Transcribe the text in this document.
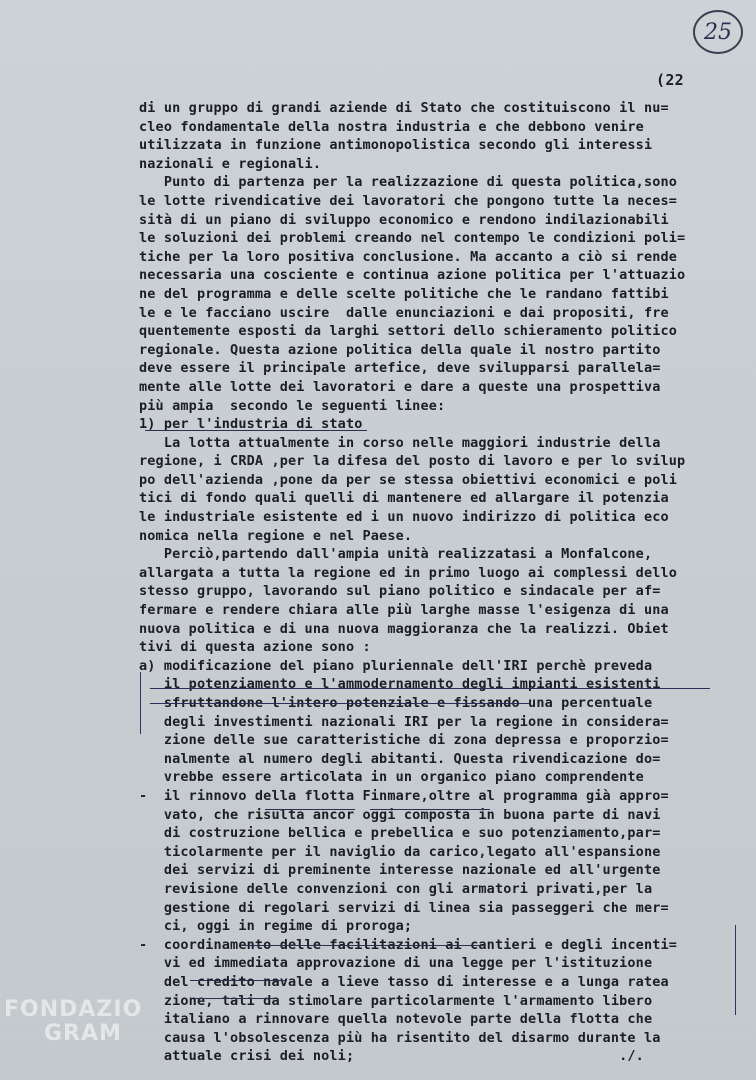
25
(22
di un gruppo di grandi aziende di Stato che costituiscono il nu=
cleo fondamentale della nostra industria e che debbono venire
utilizzata in funzione antimonopolistica secondo gli interessi
nazionali e regionali.
Punto di partenza per la realizzazione di questa politica,sono
le lotte rivendicative dei lavoratori che pongono tutte la neces=
sità di un piano di sviluppo economico e rendono indilazionabili
le soluzioni dei problemi creando nel contempo le condizioni poli=
tiche per la loro positiva conclusione. Ma accanto a ciò si rende
necessaria una cosciente e continua azione politica per l'attuazio
ne del programma e delle scelte politiche che le randano fattibi
le e le facciano uscire  dalle enunciazioni e dai propositi, fre
quentemente esposti da larghi settori dello schieramento politico
regionale. Questa azione politica della quale il nostro partito
deve essere il principale artefice, deve svilupparsi parallela=
mente alle lotte dei lavoratori e dare a queste una prospettiva
più ampia  secondo le seguenti linee:
1) per l'industria di stato
La lotta attualmente in corso nelle maggiori industrie della
regione, i CRDA ,per la difesa del posto di lavoro e per lo svilup
po dell'azienda ,pone da per se stessa obiettivi economici e poli
tici di fondo quali quelli di mantenere ed allargare il potenzia
le industriale esistente ed i un nuovo indirizzo di politica eco
nomica nella regione e nel Paese.
Perciò,partendo dall'ampia unità realizzatasi a Monfalcone,
allargata a tutta la regione ed in primo luogo ai complessi dello
stesso gruppo, lavorando sul piano politico e sindacale per af=
fermare e rendere chiara alle più larghe masse l'esigenza di una
nuova politica e di una nuova maggioranza che la realizzi. Obiet
tivi di questa azione sono :
a) modificazione del piano pluriennale dell'IRI perchè preveda
il potenziamento e l'ammodernamento degli impianti esistenti
sfruttandone l'intero potenziale e fissando una percentuale
degli investimenti nazionali IRI per la regione in considera=
zione delle sue caratteristiche di zona depressa e proporzio=
nalmente al numero degli abitanti. Questa rivendicazione do=
vrebbe essere articolata in un organico piano comprendente
-  il rinnovo della flotta Finmare,oltre al programma già appro=
vato, che risulta ancor oggi composta in buona parte di navi
di costruzione bellica e prebellica e suo potenziamento,par=
ticolarmente per il naviglio da carico,legato all'espansione
dei servizi di preminente interesse nazionale ed all'urgente
revisione delle convenzioni con gli armatori privati,per la
gestione di regolari servizi di linea sia passeggeri che mer=
ci, oggi in regime di proroga;
-  coordinamento delle facilitazioni ai cantieri e degli incenti=
vi ed immediata approvazione di una legge per l'istituzione
del credito navale a lieve tasso di interesse e a lunga ratea
zione, tali da stimolare particolarmente l'armamento libero
italiano a rinnovare quella notevole parte della flotta che
causa l'obsolescenza più ha risentito del disarmo durante la
attuale crisi dei noli;                                ./.
FONDAZIO
GRAM
